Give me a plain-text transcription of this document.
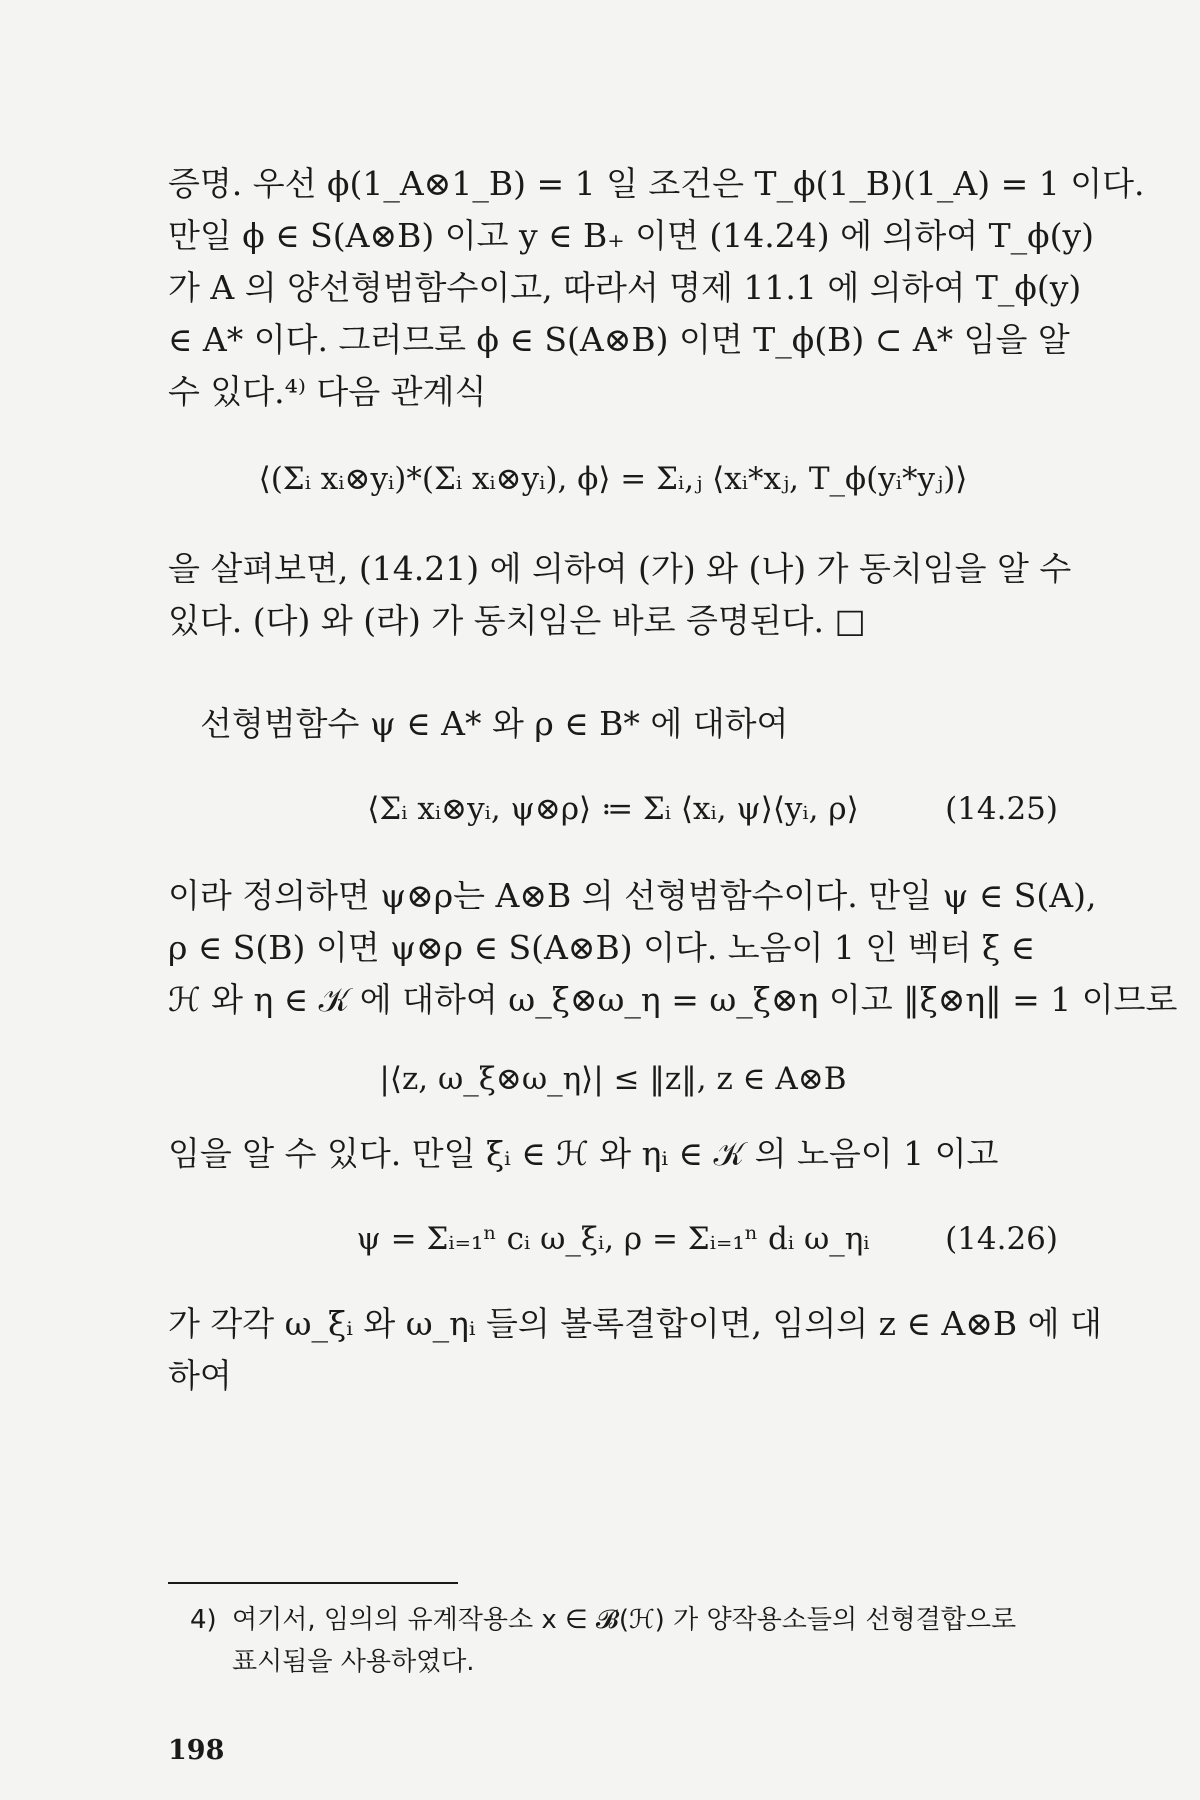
증명. 우선 ϕ(1_A⊗1_B) = 1 일 조건은 T_ϕ(1_B)(1_A) = 1 이다.
만일 ϕ ∈ S(A⊗B) 이고 y ∈ B₊ 이면 (14.24) 에 의하여 T_ϕ(y)
가 A 의 양선형범함수이고, 따라서 명제 11.1 에 의하여 T_ϕ(y)
∈ A* 이다. 그러므로 ϕ ∈ S(A⊗B) 이면 T_ϕ(B) ⊂ A* 임을 알
수 있다.⁴⁾ 다음 관계식
⟨(Σᵢ xᵢ⊗yᵢ)*(Σᵢ xᵢ⊗yᵢ), ϕ⟩ = Σᵢ,ⱼ ⟨xᵢ*xⱼ, T_ϕ(yᵢ*yⱼ)⟩
을 살펴보면, (14.21) 에 의하여 (가) 와 (나) 가 동치임을 알 수
있다. (다) 와 (라) 가 동치임은 바로 증명된다. □
선형범함수 ψ ∈ A* 와 ρ ∈ B* 에 대하여
⟨Σᵢ xᵢ⊗yᵢ, ψ⊗ρ⟩ ≔ Σᵢ ⟨xᵢ, ψ⟩⟨yᵢ, ρ⟩	(14.25)
이라 정의하면 ψ⊗ρ는 A⊗B 의 선형범함수이다. 만일 ψ ∈ S(A),
ρ ∈ S(B) 이면 ψ⊗ρ ∈ S(A⊗B) 이다. 노음이 1 인 벡터 ξ ∈
ℋ 와 η ∈ 𝒦 에 대하여 ω_ξ⊗ω_η = ω_ξ⊗η 이고 ‖ξ⊗η‖ = 1 이므로
|⟨z, ω_ξ⊗ω_η⟩| ≤ ‖z‖, z ∈ A⊗B
임을 알 수 있다. 만일 ξᵢ ∈ ℋ 와 ηᵢ ∈ 𝒦 의 노음이 1 이고
ψ = Σᵢ₌₁ⁿ cᵢ ω_ξᵢ, ρ = Σᵢ₌₁ⁿ dᵢ ω_ηᵢ	(14.26)
가 각각 ω_ξᵢ 와 ω_ηᵢ 들의 볼록결합이면, 임의의 z ∈ A⊗B 에 대
하여
4) 여기서, 임의의 유계작용소 x ∈ 𝓑(ℋ) 가 양작용소들의 선형결합으로
표시됨을 사용하였다.
198
